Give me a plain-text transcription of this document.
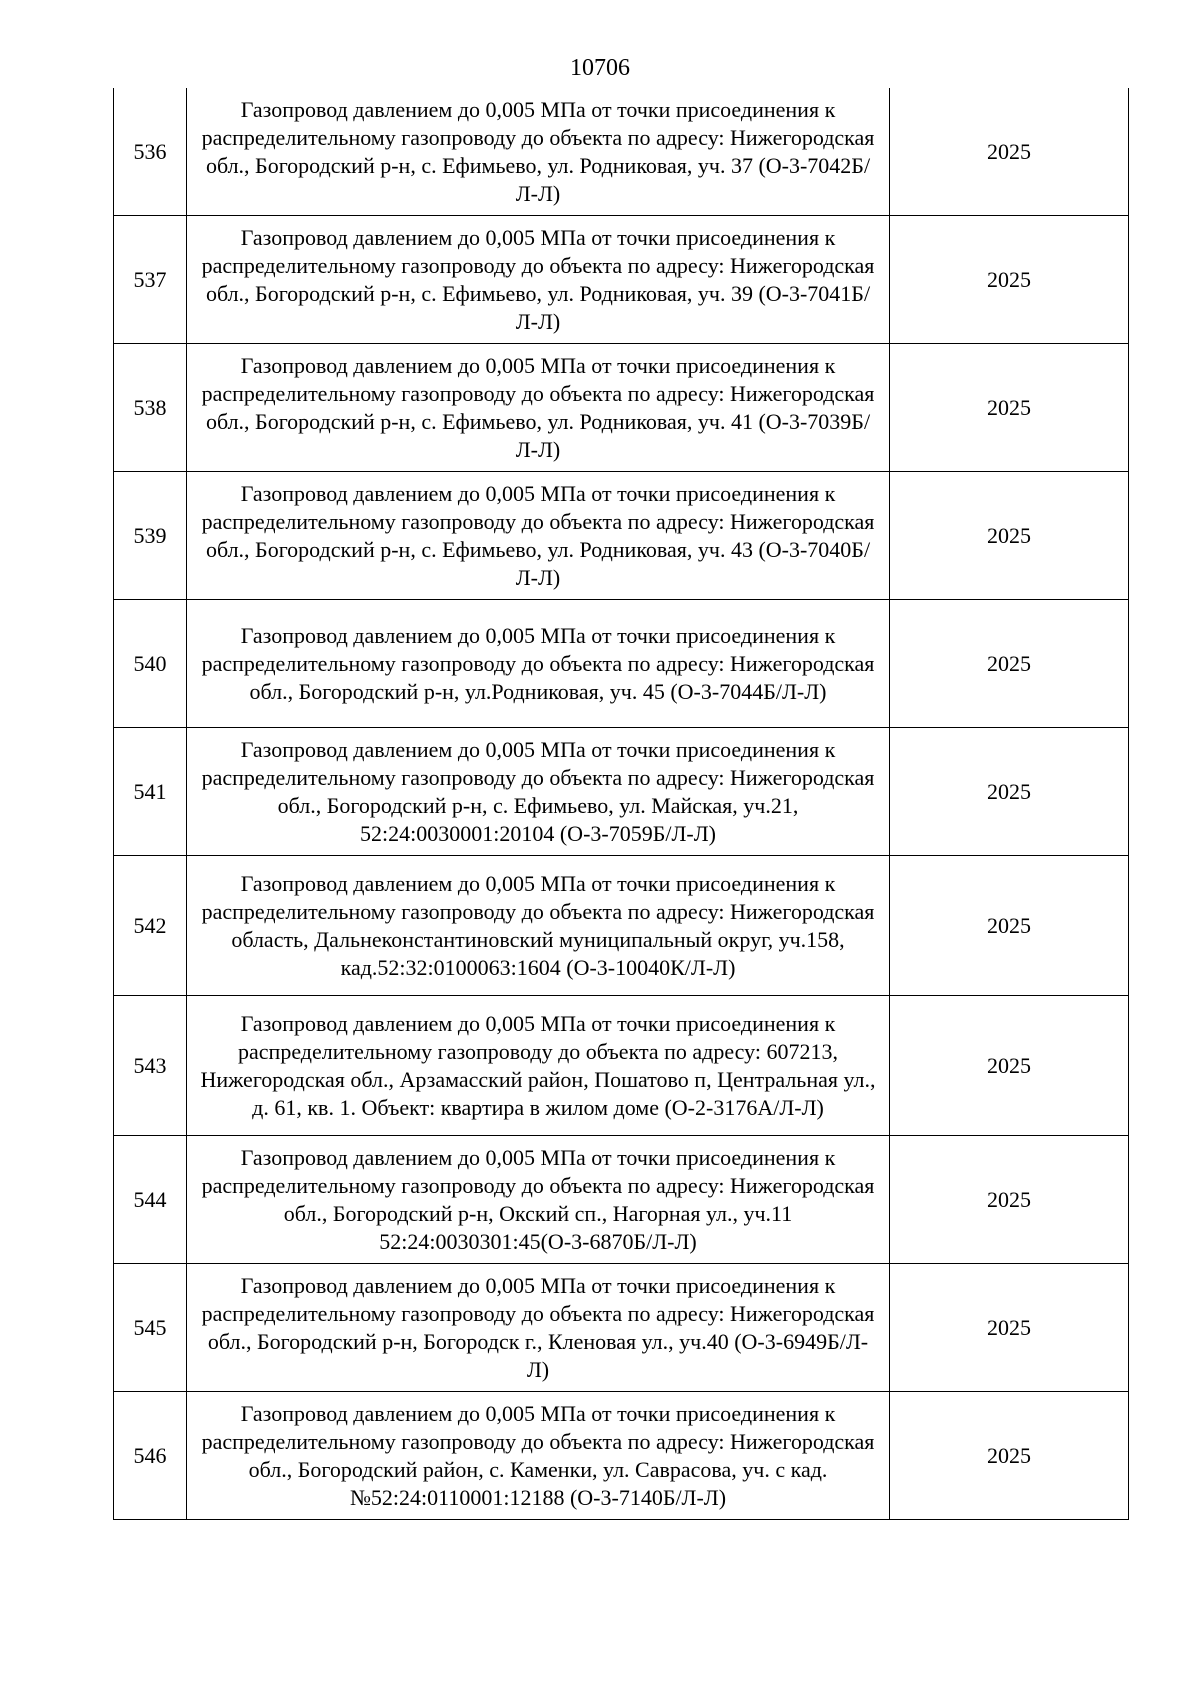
10706
536	Газопровод давлением до 0,005 МПа от точки присоединения к распределительному газопроводу до объекта по адресу: Нижегородская обл., Богородский р-н, с. Ефимьево, ул. Родниковая, уч. 37 (О-3-7042Б/Л-Л)	2025
537	Газопровод давлением до 0,005 МПа от точки присоединения к распределительному газопроводу до объекта по адресу: Нижегородская обл., Богородский р-н, с. Ефимьево, ул. Родниковая, уч. 39 (О-3-7041Б/Л-Л)	2025
538	Газопровод давлением до 0,005 МПа от точки присоединения к распределительному газопроводу до объекта по адресу: Нижегородская обл., Богородский р-н, с. Ефимьево, ул. Родниковая, уч. 41 (О-3-7039Б/Л-Л)	2025
539	Газопровод давлением до 0,005 МПа от точки присоединения к распределительному газопроводу до объекта по адресу: Нижегородская обл., Богородский р-н, с. Ефимьево, ул. Родниковая, уч. 43 (О-3-7040Б/Л-Л)	2025
540	Газопровод давлением до 0,005 МПа от точки присоединения к распределительному газопроводу до объекта по адресу: Нижегородская обл., Богородский р-н, ул.Родниковая, уч. 45 (О-3-7044Б/Л-Л)	2025
541	Газопровод давлением до 0,005 МПа от точки присоединения к распределительному газопроводу до объекта по адресу: Нижегородская обл., Богородский р-н, с. Ефимьево, ул. Майская, уч.21, 52:24:0030001:20104 (О-3-7059Б/Л-Л)	2025
542	Газопровод давлением до 0,005 МПа от точки присоединения к распределительному газопроводу до объекта по адресу: Нижегородская область, Дальнеконстантиновский муниципальный округ, уч.158, кад.52:32:0100063:1604 (О-3-10040К/Л-Л)	2025
543	Газопровод давлением до 0,005 МПа от точки присоединения к распределительному газопроводу до объекта по адресу: 607213, Нижегородская обл., Арзамасский район, Пошатово п, Центральная ул., д. 61, кв. 1. Объект: квартира в жилом доме (О-2-3176А/Л-Л)	2025
544	Газопровод давлением до 0,005 МПа от точки присоединения к распределительному газопроводу до объекта по адресу: Нижегородская обл., Богородский р-н, Окский сп., Нагорная ул., уч.11 52:24:0030301:45(О-3-6870Б/Л-Л)	2025
545	Газопровод давлением до 0,005 МПа от точки присоединения к распределительному газопроводу до объекта по адресу: Нижегородская обл., Богородский р-н, Богородск г., Кленовая ул., уч.40 (О-3-6949Б/Л-Л)	2025
546	Газопровод давлением до 0,005 МПа от точки присоединения к распределительному газопроводу до объекта по адресу: Нижегородская обл., Богородский район, с. Каменки, ул. Саврасова, уч. с кад. №52:24:0110001:12188 (О-3-7140Б/Л-Л)	2025
